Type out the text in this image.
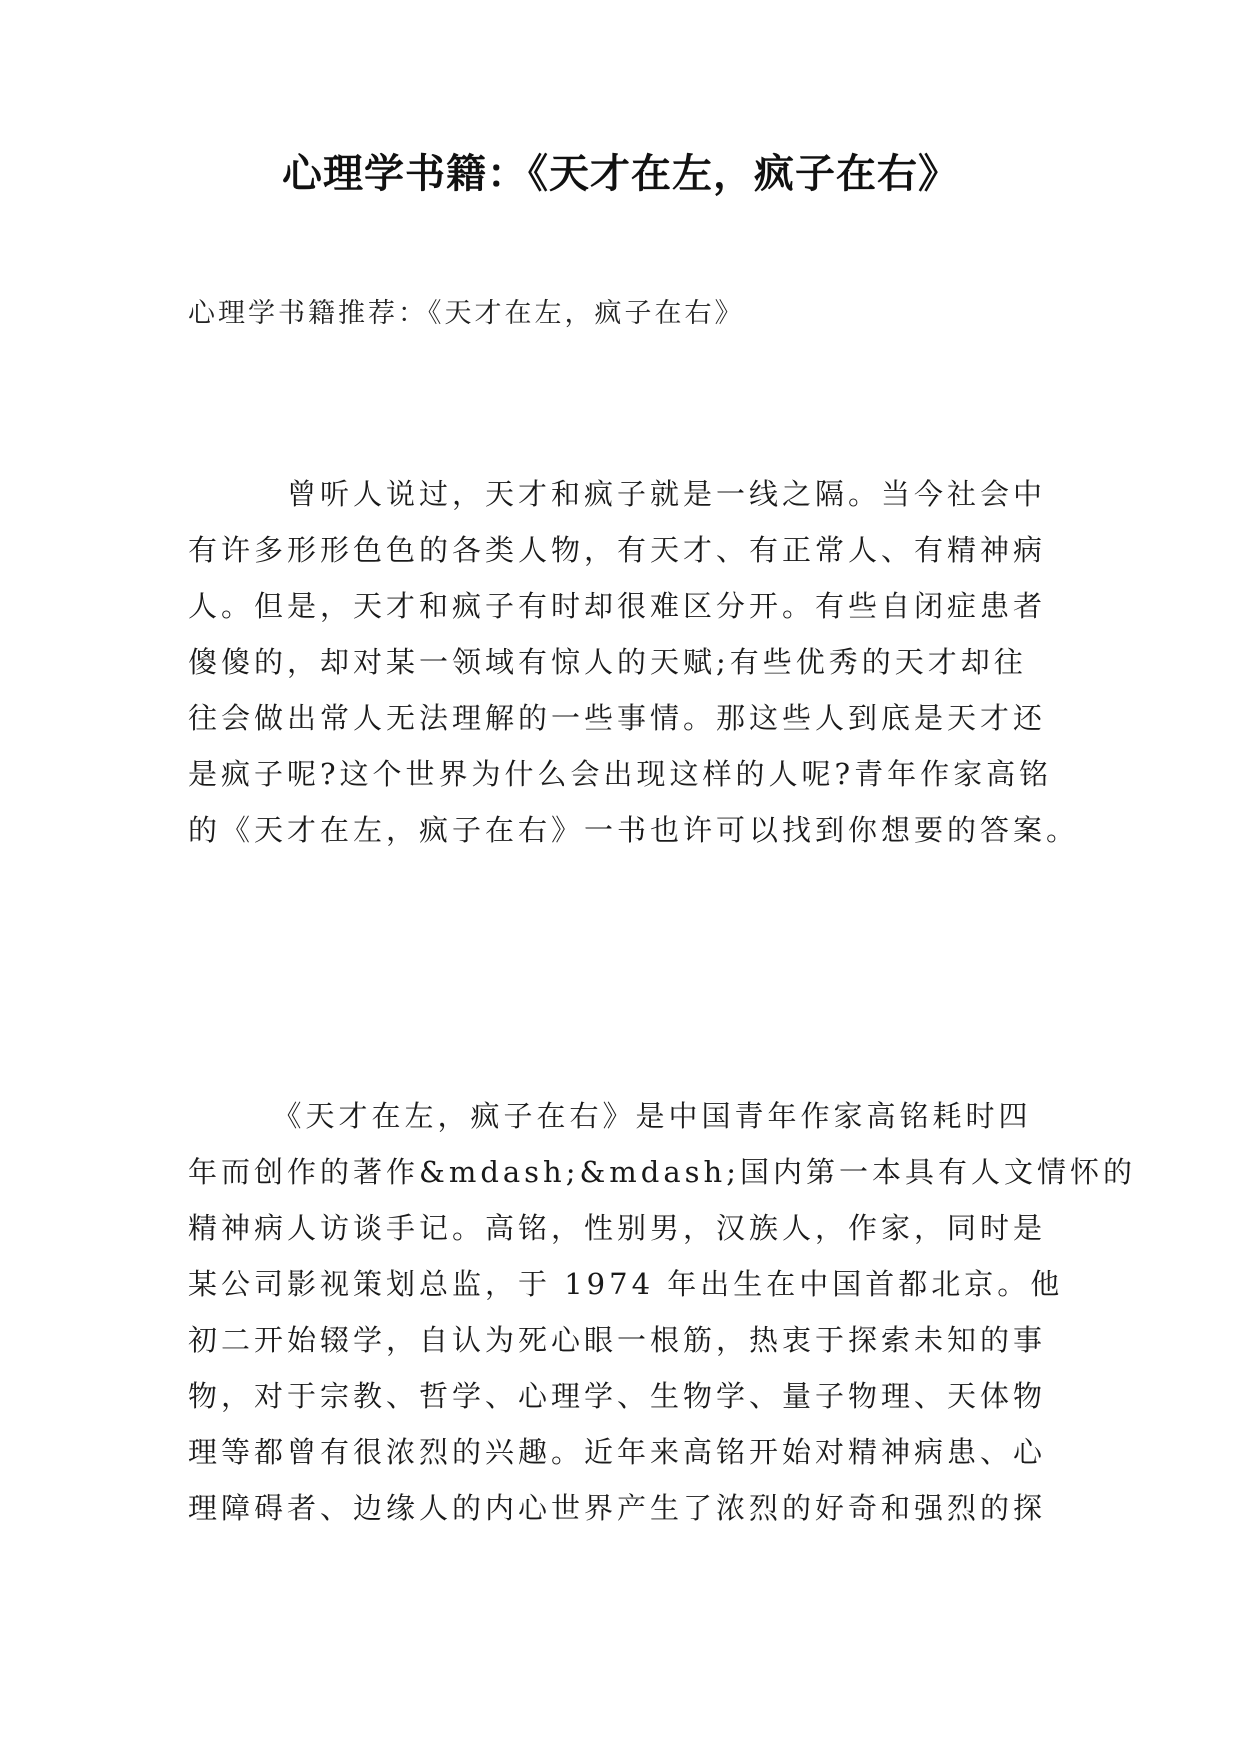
心理学书籍：《天才在左，疯子在右》

心理学书籍推荐：《天才在左，疯子在右》

　　　曾听人说过，天才和疯子就是一线之隔。当今社会中
有许多形形色色的各类人物，有天才、有正常人、有精神病
人。但是，天才和疯子有时却很难区分开。有些自闭症患者
傻傻的，却对某一领域有惊人的天赋;有些优秀的天才却往
往会做出常人无法理解的一些事情。那这些人到底是天才还
是疯子呢?这个世界为什么会出现这样的人呢?青年作家高铭
的《天才在左，疯子在右》一书也许可以找到你想要的答案。

　　　《天才在左，疯子在右》是中国青年作家高铭耗时四
年而创作的著作&mdash;&mdash;国内第一本具有人文情怀的
精神病人访谈手记。高铭，性别男，汉族人，作家，同时是
某公司影视策划总监，于 1974 年出生在中国首都北京。他
初二开始辍学，自认为死心眼一根筋，热衷于探索未知的事
物，对于宗教、哲学、心理学、生物学、量子物理、天体物
理等都曾有很浓烈的兴趣。近年来高铭开始对精神病患、心
理障碍者、边缘人的内心世界产生了浓烈的好奇和强烈的探
